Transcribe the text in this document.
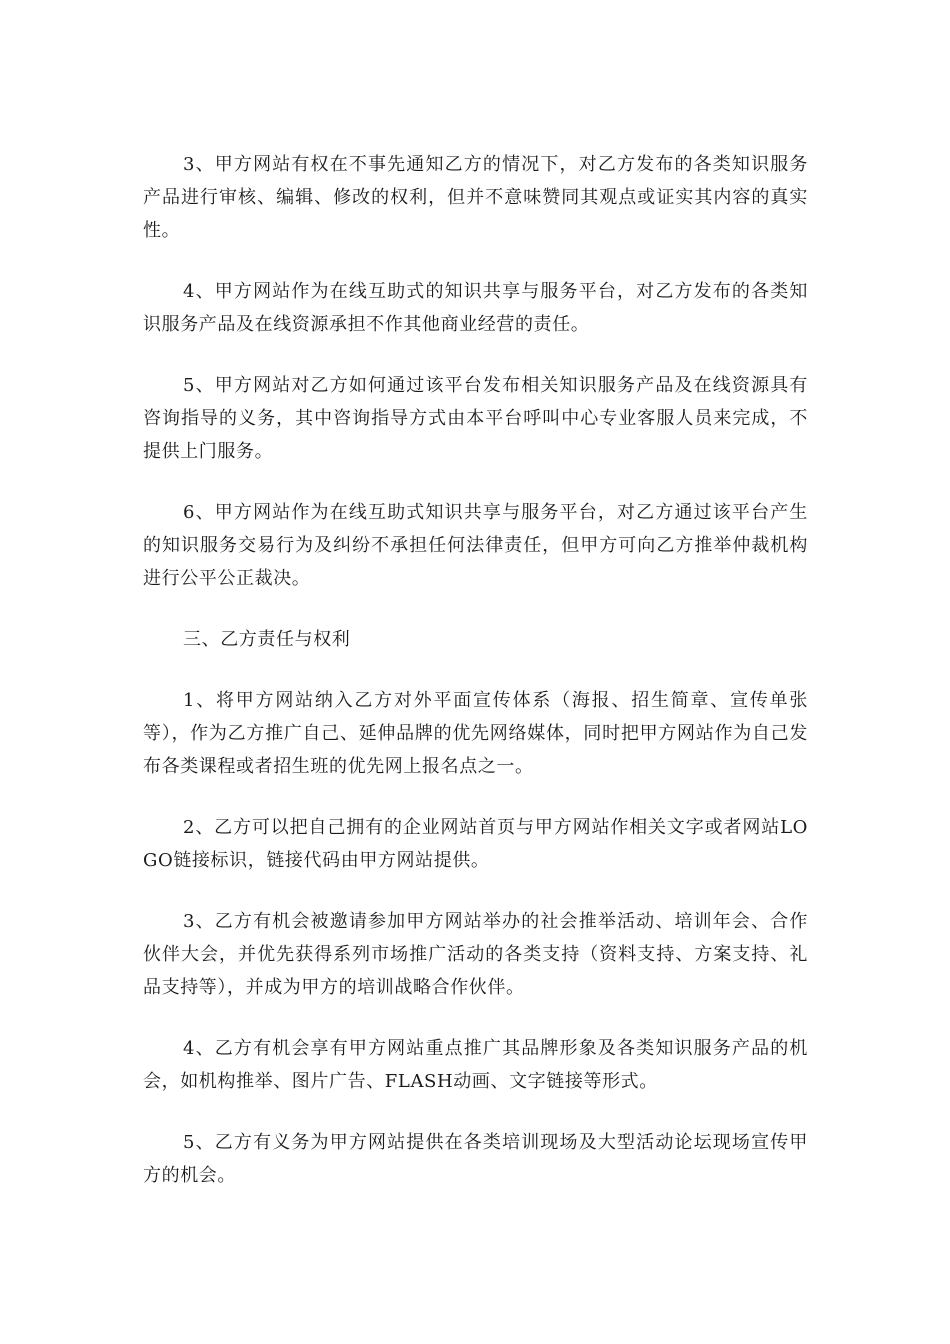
3、甲方网站有权在不事先通知乙方的情况下，对乙方发布的各类知识服务产品进行审核、编辑、修改的权利，但并不意味赞同其观点或证实其内容的真实性。

4、甲方网站作为在线互助式的知识共享与服务平台，对乙方发布的各类知识服务产品及在线资源承担不作其他商业经营的责任。

5、甲方网站对乙方如何通过该平台发布相关知识服务产品及在线资源具有咨询指导的义务，其中咨询指导方式由本平台呼叫中心专业客服人员来完成，不提供上门服务。

6、甲方网站作为在线互助式知识共享与服务平台，对乙方通过该平台产生的知识服务交易行为及纠纷不承担任何法律责任，但甲方可向乙方推举仲裁机构进行公平公正裁决。

三、乙方责任与权利

1、将甲方网站纳入乙方对外平面宣传体系（海报、招生简章、宣传单张等），作为乙方推广自己、延伸品牌的优先网络媒体，同时把甲方网站作为自己发布各类课程或者招生班的优先网上报名点之一。

2、乙方可以把自己拥有的企业网站首页与甲方网站作相关文字或者网站LOGO链接标识，链接代码由甲方网站提供。

3、乙方有机会被邀请参加甲方网站举办的社会推举活动、培训年会、合作伙伴大会，并优先获得系列市场推广活动的各类支持（资料支持、方案支持、礼品支持等），并成为甲方的培训战略合作伙伴。

4、乙方有机会享有甲方网站重点推广其品牌形象及各类知识服务产品的机会，如机构推举、图片广告、FLASH动画、文字链接等形式。

5、乙方有义务为甲方网站提供在各类培训现场及大型活动论坛现场宣传甲方的机会。
